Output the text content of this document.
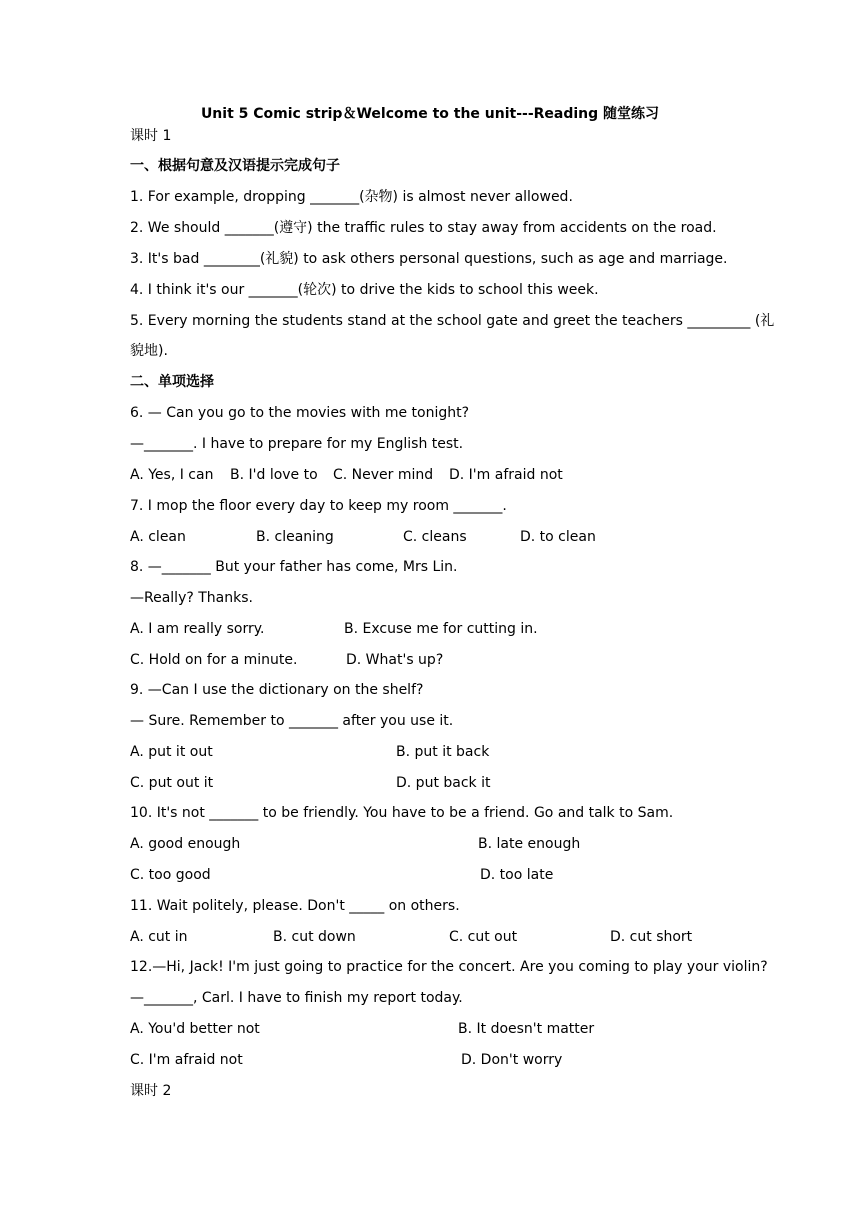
Unit 5 Comic strip＆Welcome to the unit---Reading 随堂练习
课时 1
一、根据句意及汉语提示完成句子
1. For example, dropping _______(杂物) is almost never allowed.
2. We should _______(遵守) the traffic rules to stay away from accidents on the road.
3. It's bad ________(礼貌) to ask others personal questions, such as age and marriage.
4. I think it's our _______(轮次) to drive the kids to school this week.
5. Every morning the students stand at the school gate and greet the teachers _________ (礼
貌地).
二、单项选择
6. — Can you go to the movies with me tonight?
—_______. I have to prepare for my English test.
A. Yes, I can B. I'd love to C. Never mind D. I'm afraid not
7. I mop the floor every day to keep my room _______.
A. clean	B. cleaning	C. cleans	D. to clean
8. —_______ But your father has come, Mrs Lin.
—Really? Thanks.
A. I am really sorry.	B. Excuse me for cutting in.
C. Hold on for a minute.	D. What's up?
9. —Can I use the dictionary on the shelf?
— Sure. Remember to _______ after you use it.
A. put it out	B. put it back
C. put out it	D. put back it
10. It's not _______ to be friendly. You have to be a friend. Go and talk to Sam.
A. good enough	B. late enough
C. too good	D. too late
11. Wait politely, please. Don't _____ on others.
A. cut in	B. cut down	C. cut out	D. cut short
12.—Hi, Jack! I'm just going to practice for the concert. Are you coming to play your violin?
—_______, Carl. I have to finish my report today.
A. You'd better not	B. It doesn't matter
C. I'm afraid not	D. Don't worry
课时 2
